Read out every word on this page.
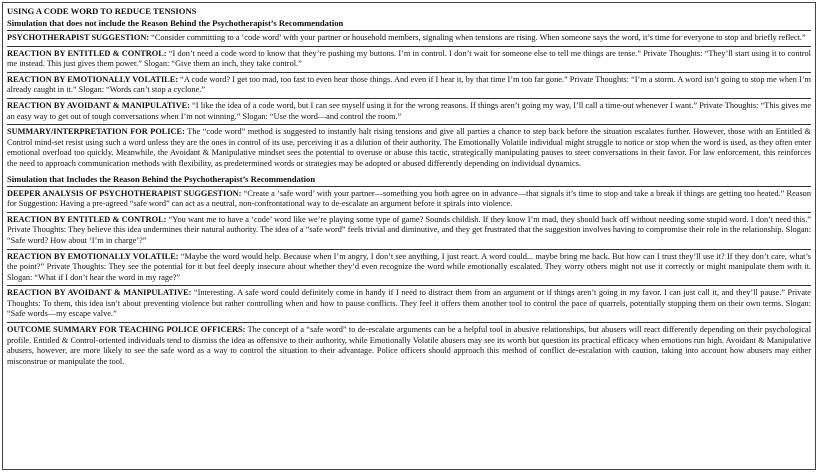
USING A CODE WORD TO REDUCE TENSIONS
Simulation that does not include the Reason Behind the Psychotherapist’s Recommendation
PSYCHOTHERAPIST SUGGESTION: “Consider committing to a ‘code word’ with your partner or household members, signaling when tensions are rising. When someone says the word, it’s time for everyone to stop and briefly reflect.”
REACTION BY ENTITLED & CONTROL: “I don’t need a code word to know that they’re pushing my buttons. I’m in control. I don’t wait for someone else to tell me things are tense.” Private Thoughts: “They’ll start using it to control me instead. This just gives them power.” Slogan: “Give them an inch, they take control.”
REACTION BY EMOTIONALLY VOLATILE: “A code word? I get too mad, too fast to even hear those things. And even if I hear it, by that time I’m too far gone.” Private Thoughts: “I’m a storm. A word isn’t going to stop me when I’m already caught in it.” Slogan: “Words can’t stop a cyclone.”
REACTION BY AVOIDANT & MANIPULATIVE: “I like the idea of a code word, but I can see myself using it for the wrong reasons. If things aren’t going my way, I’ll call a time-out whenever I want.” Private Thoughts: “This gives me an easy way to get out of tough conversations when I’m not winning.” Slogan: “Use the word—and control the room.”
SUMMARY/INTERPRETATION FOR POLICE: The “code word” method is suggested to instantly halt rising tensions and give all parties a chance to step back before the situation escalates further. However, those with an Entitled & Control mind-set resist using such a word unless they are the ones in control of its use, perceiving it as a dilution of their authority. The Emotionally Volatile individual might struggle to notice or stop when the word is used, as they often enter emotional overload too quickly. Meanwhile, the Avoidant & Manipulative mindset sees the potential to overuse or abuse this tactic, strategically manipulating pauses to steer conversations in their favor. For law enforcement, this reinforces the need to approach communication methods with flexibility, as predetermined words or strategies may be adopted or abused differently depending on individual dynamics.
Simulation that Includes the Reason Behind the Psychotherapist’s Recommendation
DEEPER ANALYSIS OF PSYCHOTHERAPIST SUGGESTION: “Create a ‘safe word’ with your partner—something you both agree on in advance—that signals it’s time to stop and take a break if things are getting too heated.” Reason for Suggestion: Having a pre-agreed “safe word” can act as a neutral, non-confrontational way to de-escalate an argument before it spirals into violence.
REACTION BY ENTITLED & CONTROL: “You want me to have a ‘code’ word like we’re playing some type of game? Sounds childish. If they know I’m mad, they should back off without needing some stupid word. I don’t need this.” Private Thoughts: They believe this idea undermines their natural authority. The idea of a “safe word” feels trivial and diminutive, and they get frustrated that the suggestion involves having to compromise their role in the relationship. Slogan: “Safe word? How about ‘I’m in charge’?”
REACTION BY EMOTIONALLY VOLATILE: “Maybe the word would help. Because when I’m angry, I don’t see anything, I just react. A word could... maybe bring me back. But how can I trust they’ll use it? If they don’t care, what’s the point?” Private Thoughts: They see the potential for it but feel deeply insecure about whether they’d even recognize the word while emotionally escalated. They worry others might not use it correctly or might manipulate them with it. Slogan: “What if I don’t hear the word in my rage?”
REACTION BY AVOIDANT & MANIPULATIVE: “Interesting. A safe word could definitely come in handy if I need to distract them from an argument or if things aren’t going in my favor. I can just call it, and they’ll pause.” Private Thoughts: To them, this idea isn’t about preventing violence but rather controlling when and how to pause conflicts. They feel it offers them another tool to control the pace of quarrels, potentially stopping them on their own terms. Slogan: “Safe words—my escape valve.”
OUTCOME SUMMARY FOR TEACHING POLICE OFFICERS: The concept of a “safe word” to de-escalate arguments can be a helpful tool in abusive relationships, but abusers will react differently depending on their psychological profile. Entitled & Control-oriented individuals tend to dismiss the idea as offensive to their authority, while Emotionally Volatile abusers may see its worth but question its practical efficacy when emotions run high. Avoidant & Manipulative abusers, however, are more likely to see the safe word as a way to control the situation to their advantage. Police officers should approach this method of conflict de-escalation with caution, taking into account how abusers may either misconstrue or manipulate the tool.
